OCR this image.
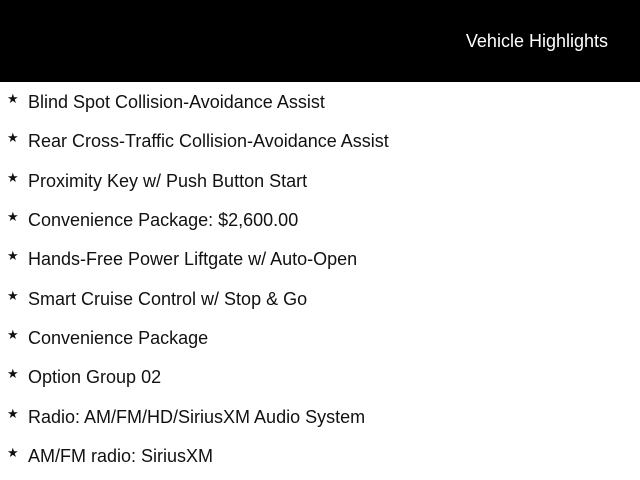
Vehicle Highlights
★ Blind Spot Collision-Avoidance Assist
★ Rear Cross-Traffic Collision-Avoidance Assist
★ Proximity Key w/ Push Button Start
★ Convenience Package: $2,600.00
★ Hands-Free Power Liftgate w/ Auto-Open
★ Smart Cruise Control w/ Stop & Go
★ Convenience Package
★ Option Group 02
★ Radio: AM/FM/HD/SiriusXM Audio System
★ AM/FM radio: SiriusXM
